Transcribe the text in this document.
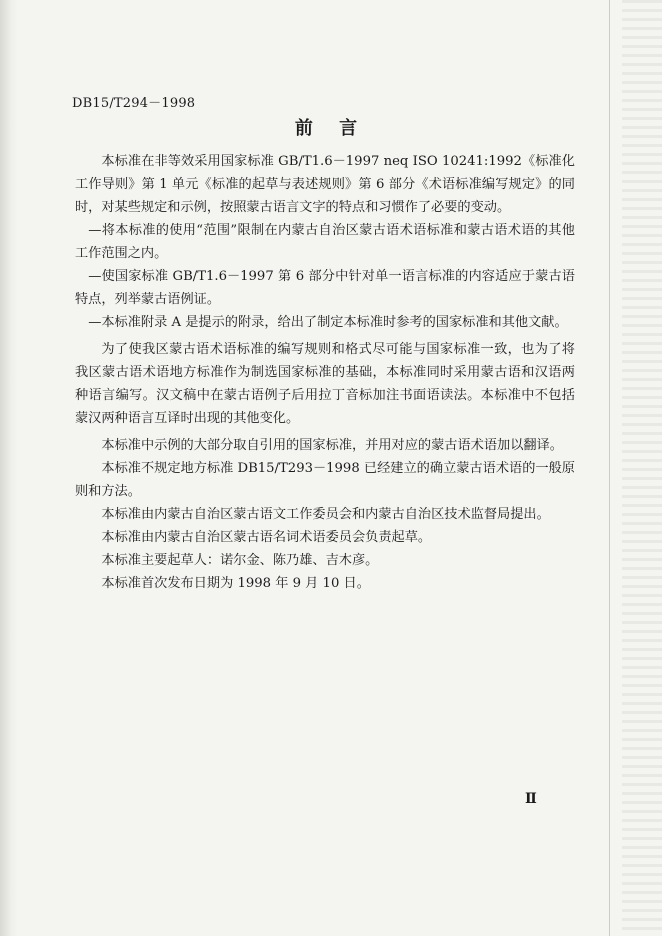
DB15/T294－1998
前 言

本标准在非等效采用国家标准 GB/T1.6－1997 neq ISO 10241:1992《标准化工作导则》第 1 单元《标准的起草与表述规则》第 6 部分《术语标准编写规定》的同时，对某些规定和示例，按照蒙古语言文字的特点和习惯作了必要的变动。

—将本标准的使用“范围”限制在内蒙古自治区蒙古语术语标准和蒙古语术语的其他工作范围之内。

—使国家标准 GB/T1.6－1997 第 6 部分中针对单一语言标准的内容适应于蒙古语特点，列举蒙古语例证。

—本标准附录 A 是提示的附录，给出了制定本标准时参考的国家标准和其他文献。

为了使我区蒙古语术语标准的编写规则和格式尽可能与国家标准一致，也为了将我区蒙古语术语地方标准作为制选国家标准的基础，本标准同时采用蒙古语和汉语两种语言编写。汉文稿中在蒙古语例子后用拉丁音标加注书面语读法。本标准中不包括蒙汉两种语言互译时出现的其他变化。

本标准中示例的大部分取自引用的国家标准，并用对应的蒙古语术语加以翻译。

本标准不规定地方标准 DB15/T293－1998 已经建立的确立蒙古语术语的一般原则和方法。

本标准由内蒙古自治区蒙古语文工作委员会和内蒙古自治区技术监督局提出。

本标准由内蒙古自治区蒙古语名词术语委员会负责起草。

本标准主要起草人：诺尔金、陈乃雄、吉木彦。

本标准首次发布日期为 1998 年 9 月 10 日。

Ⅱ
